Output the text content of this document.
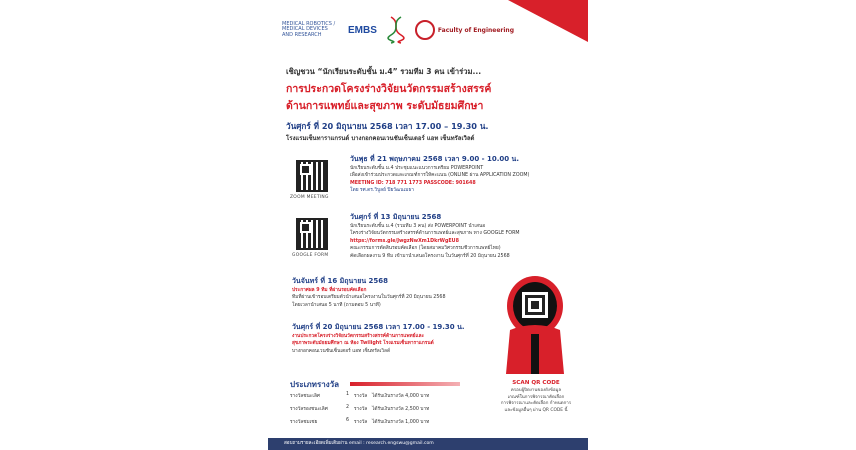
MEDICAL ROBOTICS / MEDICAL DEVICES AND RESEARCH	EMBS	Faculty of Engineering
เชิญชวน “นักเรียนระดับชั้น ม.4” รวมทีม 3 คน เข้าร่วม...
การประกวดโครงร่างวิจัยนวัตกรรมสร้างสรรค์
ด้านการแพทย์และสุขภาพ ระดับมัธยมศึกษา
วันศุกร์ ที่ 20 มิถุนายน 2568 เวลา 17.00 – 19.30 น.
โรงแรมเซ็นทาราแกรนด์ บางกอกคอนเวนชันเซ็นเตอร์ แอท เซ็นทรัลเวิลด์
ZOOM MEETING
วันพุธ ที่ 21 พฤษภาคม 2568 เวลา 9.00 - 10.00 น.
นักเรียนระดับชั้น ม.4 ประชุมแนะแนวการเตรียม POWERPOINT
เพื่อส่งเข้าร่วมประกวดและเกณฑ์การให้คะแนน (ONLINE ผ่าน APPLICATION ZOOM)
MEETING ID: 718 771 1773 PASSCODE: 901648
โดย รศ.ดร.วิบูลย์ ปิยวัฒนเมธา
GOOGLE FORM
วันศุกร์ ที่ 13 มิถุนายน 2568
นักเรียนระดับชั้น ม.4 (รวมทีม 3 คน) ส่ง POWERPOINT นำเสนอ
โครงร่างวิจัยนวัตกรรมสร้างสรรค์ด้านการแพทย์และสุขภาพ ทาง GOOGLE FORM
https://forms.gle/JwgzNwXm1DkrWgEU8
คณะกรรมการตัดสินรอบคัดเลือก (โดยสมาคมวิศวกรรมชีวการแพทย์ไทย)
คัดเลือกผลงาน 9 ทีม เข้ามานำเสนอโครงงาน ในวันศุกร์ที่ 20 มิถุนายน 2568
วันจันทร์ ที่ 16 มิถุนายน 2568
ประกาศผล 9 ทีม ที่ผ่านรอบคัดเลือก
ทีมที่ผ่านเข้ารอบเตรียมตัวนำเสนอโครงงานในวันศุกร์ที่ 20 มิถุนายน 2568
โดยเวลานำเสนอ 5 นาที (ถามตอบ 5 นาที)
วันศุกร์ ที่ 20 มิถุนายน 2568 เวลา 17.00 - 19.30 น.
งานประกวดโครงร่างวิจัยนวัตกรรมสร้างสรรค์ด้านการแพทย์และ
สุขภาพระดับมัธยมศึกษา ณ ห้อง Twilight โรงแรมเซ็นทาราแกรนด์
บางกอกคอนเวนชันเซ็นเตอร์ แอท เซ็นทรัลเวิลด์
ประเภทรางวัล
รางวัลชนะเลิศ	1	รางวัล ได้รับเงินรางวัล 4,000 บาท
รางวัลรองชนะเลิศ	2	รางวัล ได้รับเงินรางวัล 2,500 บาท
รางวัลชมเชย	6	รางวัล ได้รับเงินรางวัล 1,000 บาท
SCAN QR CODE
ครอบผู้ปิดงานของยังข้อมูล
เกณฑ์ในการพิจารณาคัดเลือก
การพิจารณาและคัดเลือก กำหนดการ
และข้อมูลอื่นๆ ผ่าน QR CODE นี้
สอบถามรายละเอียดเพิ่มเติมผ่าน email : research.engswu@gmail.com
